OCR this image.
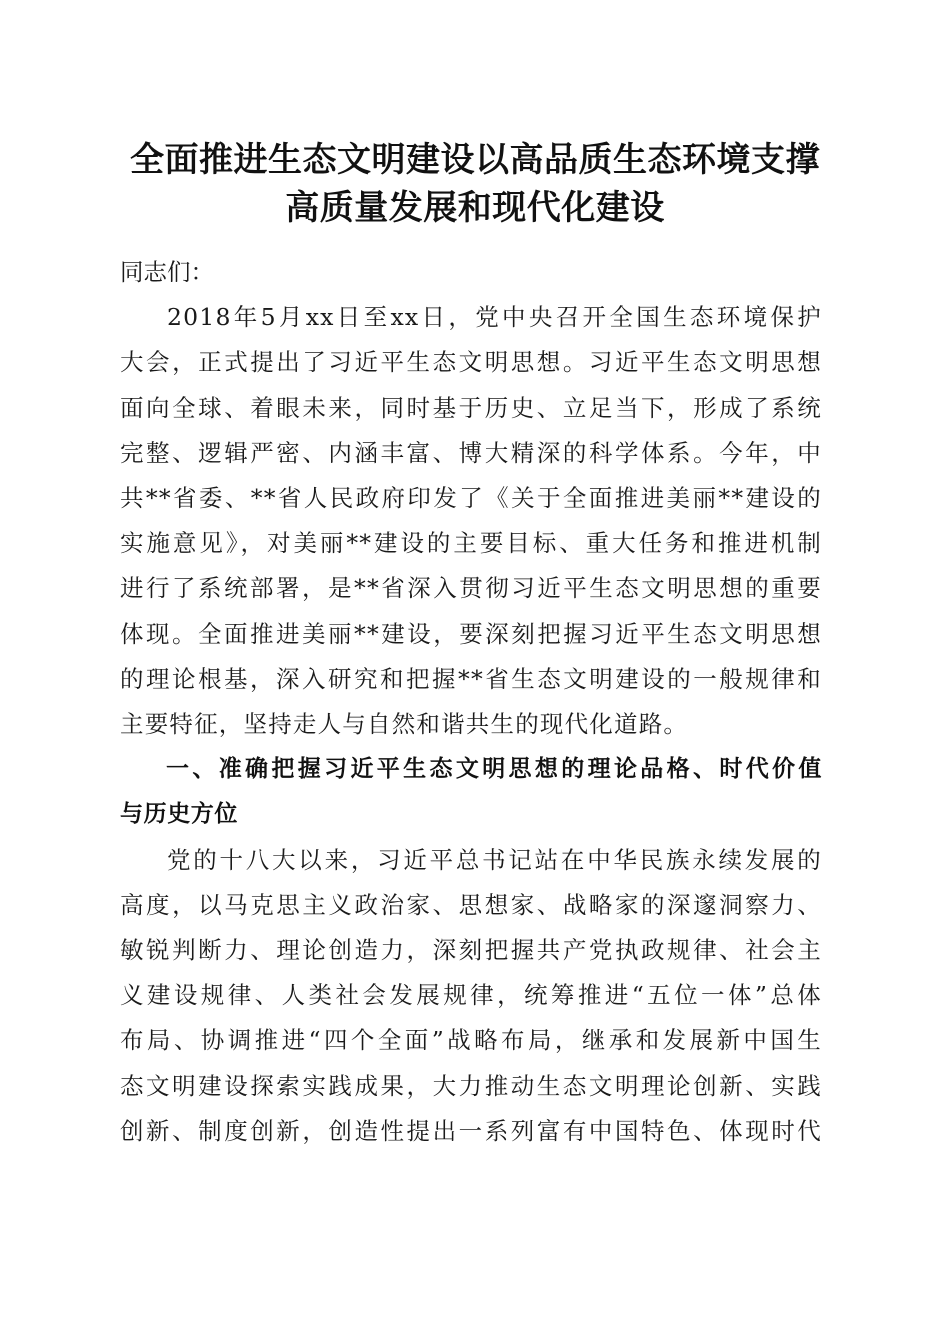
全面推进生态文明建设以高品质生态环境支撑
高质量发展和现代化建设

同志们：

2018年5月xx日至xx日，党中央召开全国生态环境保护
大会，正式提出了习近平生态文明思想。习近平生态文明思想
面向全球、着眼未来，同时基于历史、立足当下，形成了系统
完整、逻辑严密、内涵丰富、博大精深的科学体系。今年，中
共**省委、**省人民政府印发了《关于全面推进美丽**建设的
实施意见》，对美丽**建设的主要目标、重大任务和推进机制
进行了系统部署，是**省深入贯彻习近平生态文明思想的重要
体现。全面推进美丽**建设，要深刻把握习近平生态文明思想
的理论根基，深入研究和把握**省生态文明建设的一般规律和
主要特征，坚持走人与自然和谐共生的现代化道路。

一、准确把握习近平生态文明思想的理论品格、时代价值
与历史方位

党的十八大以来，习近平总书记站在中华民族永续发展的
高度，以马克思主义政治家、思想家、战略家的深邃洞察力、
敏锐判断力、理论创造力，深刻把握共产党执政规律、社会主
义建设规律、人类社会发展规律，统筹推进“五位一体”总体
布局、协调推进“四个全面”战略布局，继承和发展新中国生
态文明建设探索实践成果，大力推动生态文明理论创新、实践
创新、制度创新，创造性提出一系列富有中国特色、体现时代
